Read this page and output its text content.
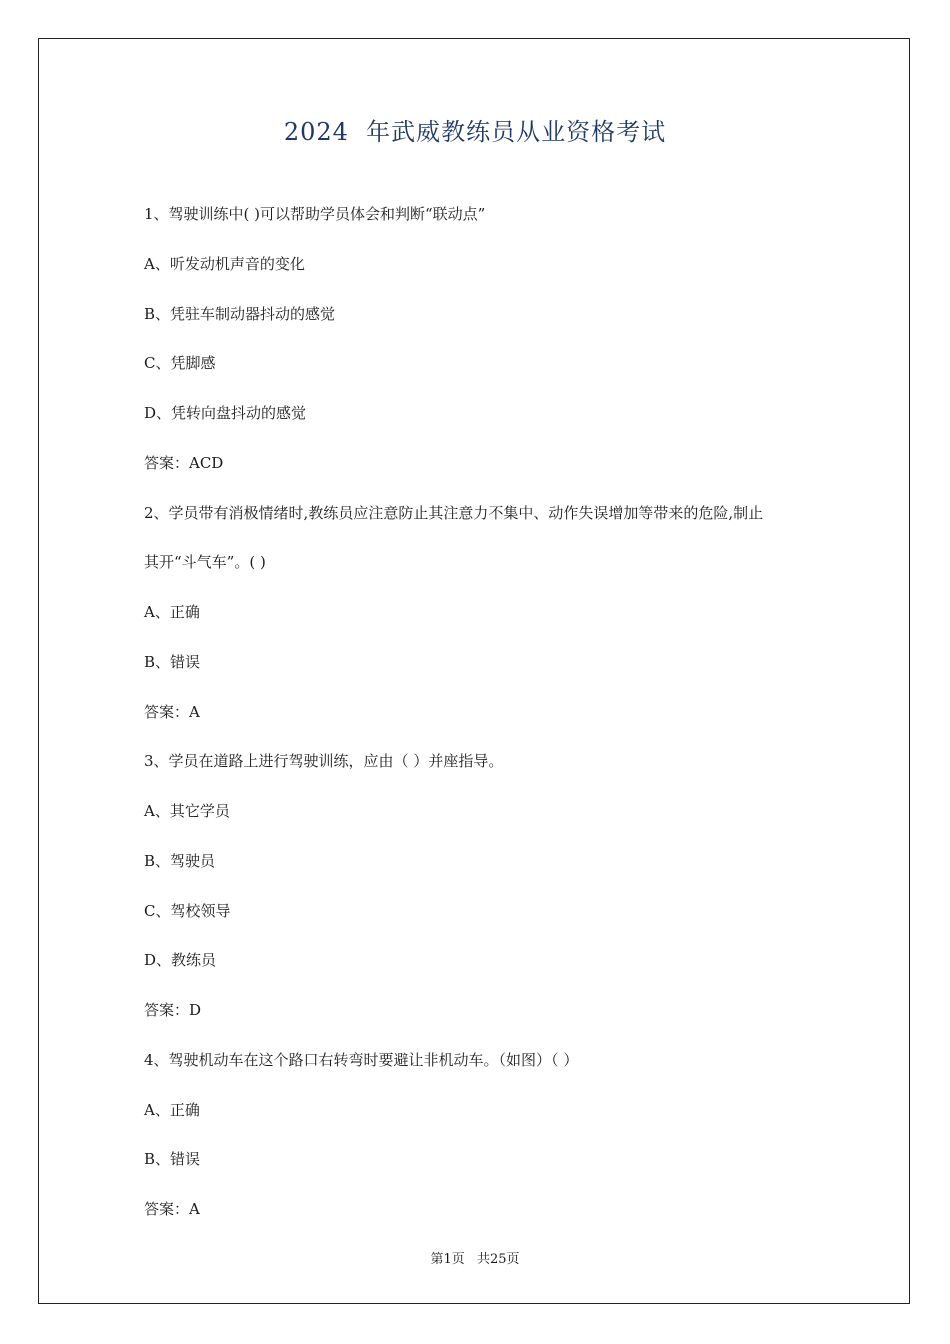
2024  年武威教练员从业资格考试
1、驾驶训练中( )可以帮助学员体会和判断“联动点”
A、听发动机声音的变化
B、凭驻车制动器抖动的感觉
C、凭脚感
D、凭转向盘抖动的感觉
答案：ACD
2、学员带有消极情绪时,教练员应注意防止其注意力不集中、动作失误增加等带来的危险,制止
其开“斗气车”。( )
A、正确
B、错误
答案：A
3、学员在道路上进行驾驶训练，应由（ ）并座指导。
A、其它学员
B、驾驶员
C、驾校领导
D、教练员
答案：D
4、驾驶机动车在这个路口右转弯时要避让非机动车。（如图）（ ）
A、正确
B、错误
答案：A
第1页 共25页
